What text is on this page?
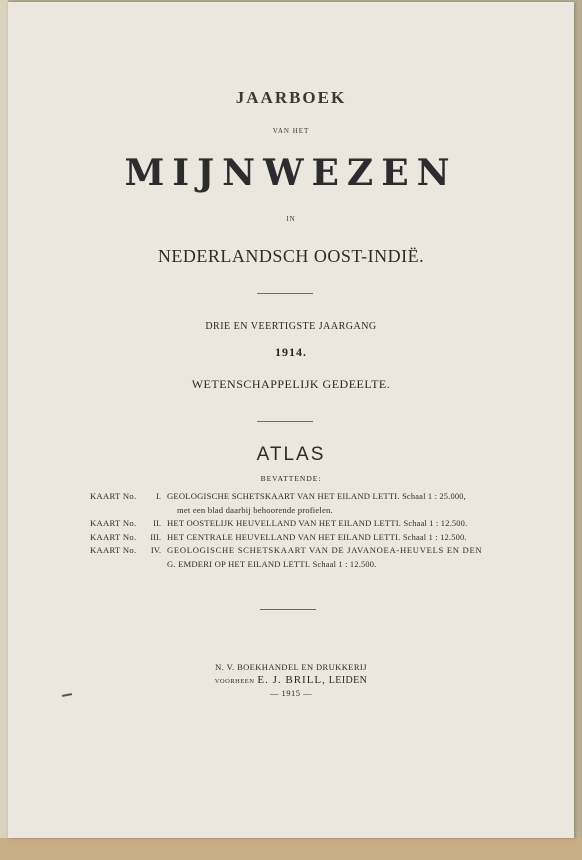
JAARBOEK
VAN HET
MIJNWEZEN
IN
NEDERLANDSCH OOST-INDIË.
DRIE EN VEERTIGSTE JAARGANG
1914.
WETENSCHAPPELIJK GEDEELTE.
ATLAS
BEVATTENDE:
KAART No.	I. GEOLOGISCHE SCHETSKAART VAN HET EILAND LETTI. Schaal 1 : 25.000,
met een blad daarbij behoorende profielen.
KAART No.	II. HET OOSTELIJK HEUVELLAND VAN HET EILAND LETTI. Schaal 1 : 12.500.
KAART No.	III. HET CENTRALE HEUVELLAND VAN HET EILAND LETTI. Schaal 1 : 12.500.
KAART No.	IV. GEOLOGISCHE SCHETSKAART VAN DE JAVANOEA-HEUVELS EN DEN
G. EMDERI OP HET EILAND LETTI. Schaal 1 : 12.500.
N. V. BOEKHANDEL EN DRUKKERIJ
VOORHEEN E. J. BRILL, LEIDEN
— 1915 —
